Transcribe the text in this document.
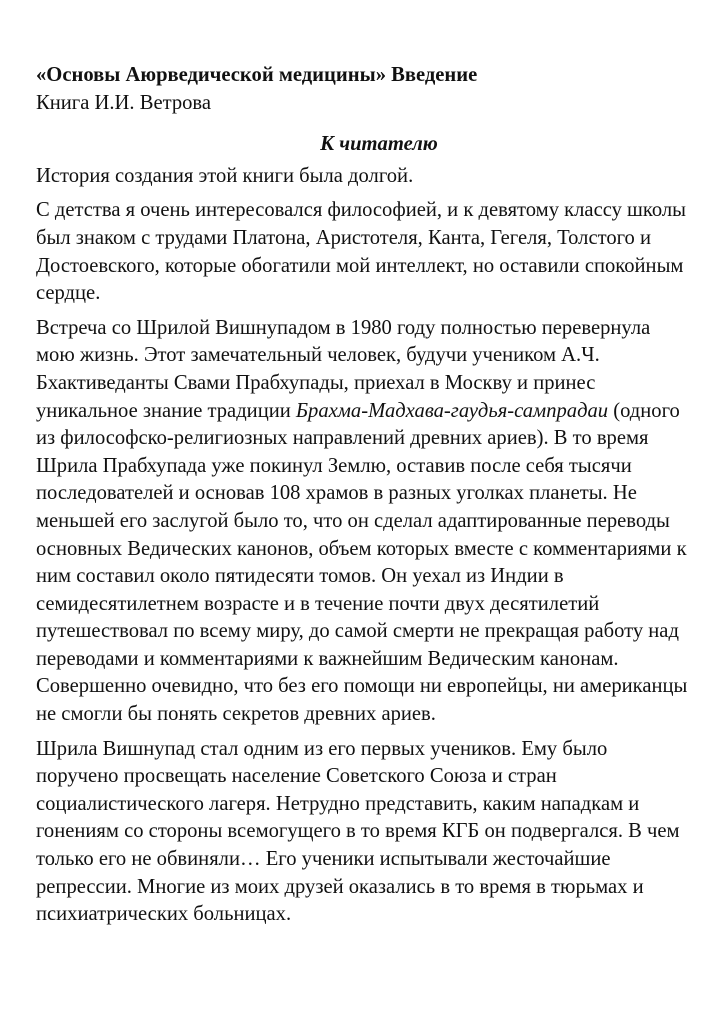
«Основы Аюрведической медицины» Введение

Книга И.И. Ветрова

К читателю

История создания этой книги была долгой.

С детства я очень интересовался философией, и к девятому классу школы был знаком с трудами Платона, Аристотеля, Канта, Гегеля, Толстого и Достоевского, которые обогатили мой интеллект, но оставили спокойным сердце.

Встреча со Шрилой Вишнупадом в 1980 году полностью перевернула мою жизнь. Этот замечательный человек, будучи учеником А.Ч. Бхактиведанты Свами Прабхупады, приехал в Москву и принес уникальное знание традиции Брахма-Мадхава-гаудья-сампрадаи (одного из философско-религиозных направлений древних ариев). В то время Шрила Прабхупада уже покинул Землю, оставив после себя тысячи последователей и основав 108 храмов в разных уголках планеты. Не меньшей его заслугой было то, что он сделал адаптированные переводы основных Ведических канонов, объем которых вместе с комментариями к ним составил около пятидесяти томов. Он уехал из Индии в семидесятилетнем возрасте и в течение почти двух десятилетий путешествовал по всему миру, до самой смерти не прекращая работу над переводами и комментариями к важнейшим Ведическим канонам. Совершенно очевидно, что без его помощи ни европейцы, ни американцы не смогли бы понять секретов древних ариев.

Шрила Вишнупад стал одним из его первых учеников. Ему было поручено просвещать население Советского Союза и стран социалистического лагеря. Нетрудно представить, каким нападкам и гонениям со стороны всемогущего в то время КГБ он подвергался. В чем только его не обвиняли… Его ученики испытывали жесточайшие репрессии. Многие из моих друзей оказались в то время в тюрьмах и психиатрических больницах.
